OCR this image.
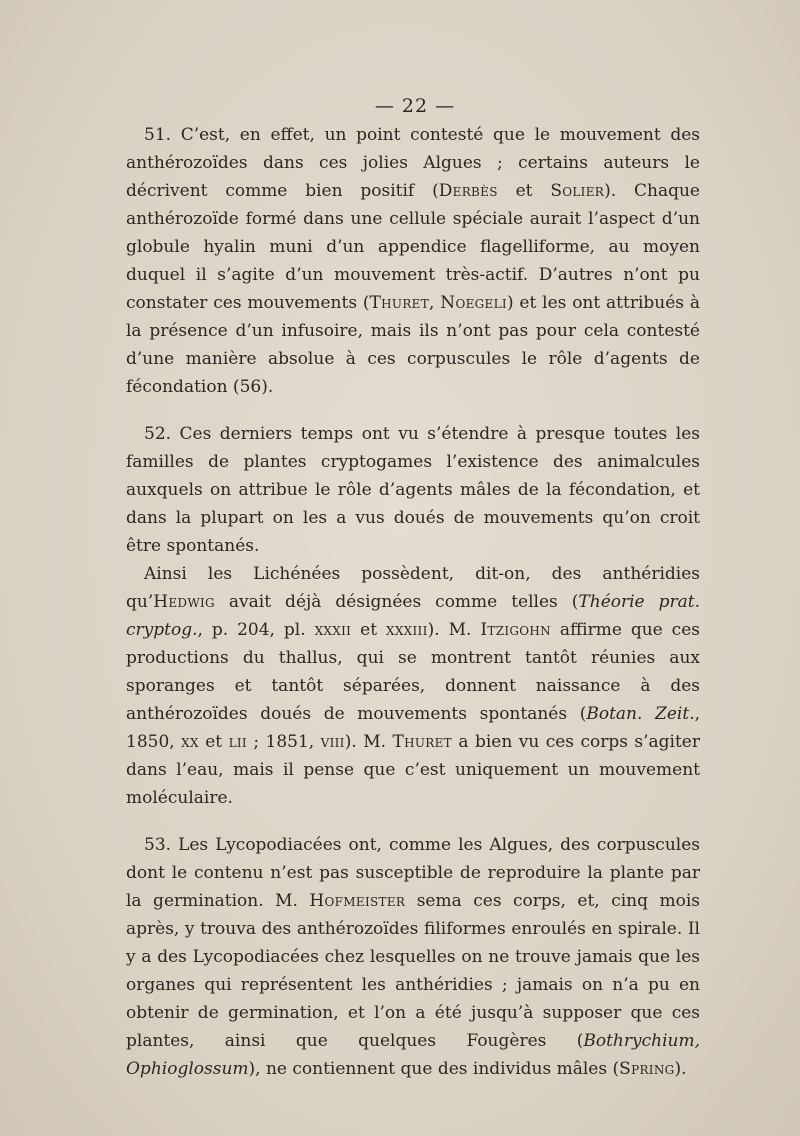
— 22 —

51. C’est, en effet, un point contesté que le mouvement des anthérozoïdes dans ces jolies Algues ; certains auteurs le décrivent comme bien positif (Derbès et Solier). Chaque anthérozoïde formé dans une cellule spéciale aurait l’aspect d’un globule hyalin muni d’un appendice flagelliforme, au moyen duquel il s’agite d’un mouvement très-actif. D’autres n’ont pu constater ces mouvements (Thuret, Noegeli) et les ont attribués à la présence d’un infusoire, mais ils n’ont pas pour cela contesté d’une manière absolue à ces corpuscules le rôle d’agents de fécondation (56).

52. Ces derniers temps ont vu s’étendre à presque toutes les familles de plantes cryptogames l’existence des animalcules auxquels on attribue le rôle d’agents mâles de la fécondation, et dans la plupart on les a vus doués de mouvements qu’on croit être spontanés.

Ainsi les Lichénées possèdent, dit-on, des anthéridies qu’Hedwig avait déjà désignées comme telles (Théorie prat. cryptog., p. 204, pl. xxxii et xxxiii). M. Itzigohn affirme que ces productions du thallus, qui se montrent tantôt réunies aux sporanges et tantôt séparées, donnent naissance à des anthérozoïdes doués de mouvements spontanés (Botan. Zeit., 1850, xx et lii ; 1851, viii). M. Thuret a bien vu ces corps s’agiter dans l’eau, mais il pense que c’est uniquement un mouvement moléculaire.

53. Les Lycopodiacées ont, comme les Algues, des corpuscules dont le contenu n’est pas susceptible de reproduire la plante par la germination. M. Hofmeister sema ces corps, et, cinq mois après, y trouva des anthérozoïdes filiformes enroulés en spirale. Il y a des Lycopodiacées chez lesquelles on ne trouve jamais que les organes qui représentent les anthéridies ; jamais on n’a pu en obtenir de germination, et l’on a été jusqu’à supposer que ces plantes, ainsi que quelques Fougères (Bothrychium, Ophioglossum), ne contiennent que des individus mâles (Spring).
